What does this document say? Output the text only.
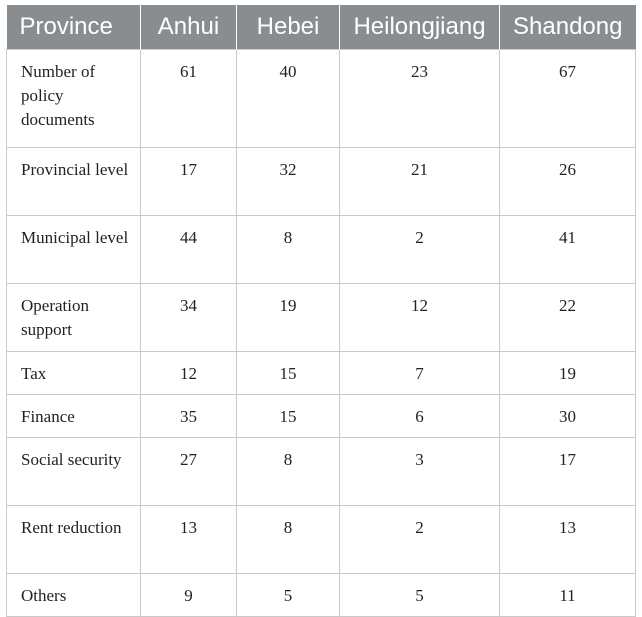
Province	Anhui	Hebei	Heilongjiang	Shandong
Number of policy documents	61	40	23	67
Provincial level	17	32	21	26
Municipal level	44	8	2	41
Operation support	34	19	12	22
Tax	12	15	7	19
Finance	35	15	6	30
Social security	27	8	3	17
Rent reduction	13	8	2	13
Others	9	5	5	11
